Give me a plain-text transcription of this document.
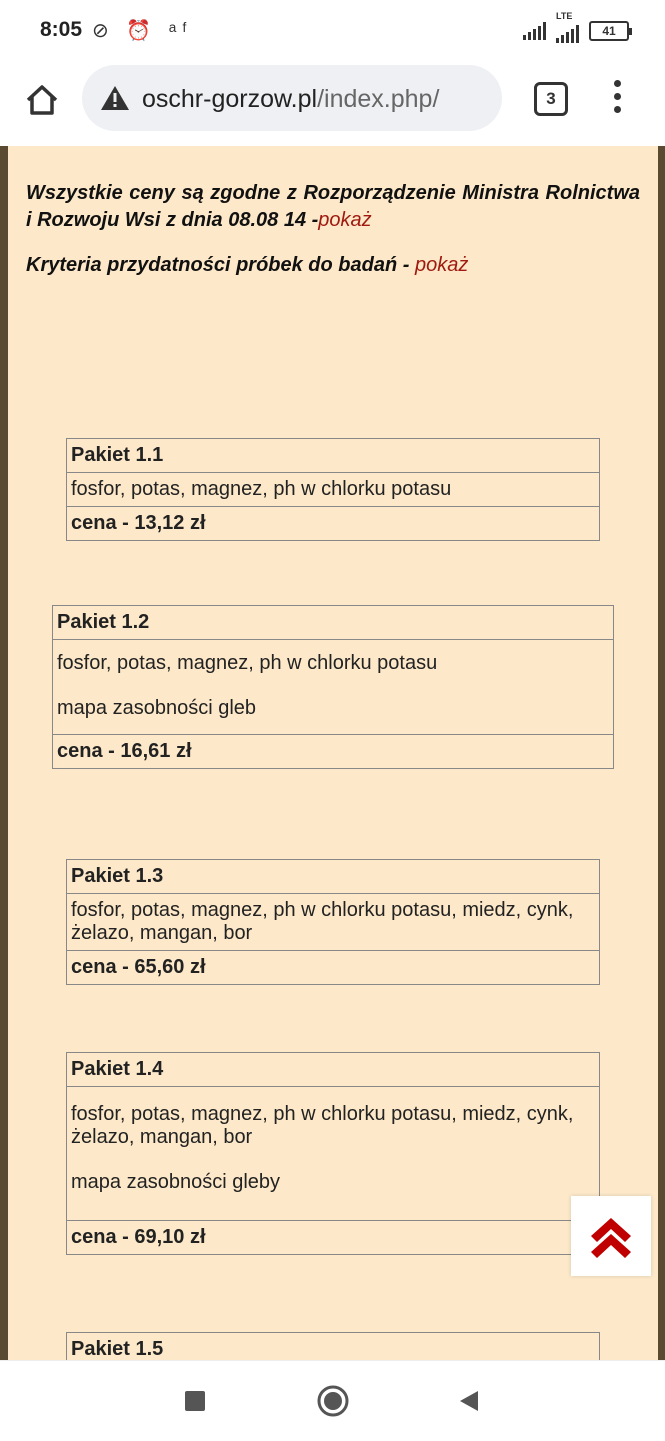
8:05 ⊘ ⏰ ᵃᶠ
LTE
41
oschr-gorzow.pl/index.php/	3
Wszystkie ceny są zgodne z Rozporządzenie Ministra Rolnictwa i Rozwoju Wsi z dnia 08.08 14 -pokaż
Kryteria przydatności próbek do badań - pokaż
Pakiet 1.1
fosfor, potas, magnez, ph w chlorku potasu
cena - 13,12 zł
Pakiet 1.2

fosfor, potas, magnez, ph w chlorku potasu
mapa zasobności gleb

cena - 16,61 zł
Pakiet 1.3
fosfor, potas, magnez, ph w chlorku potasu, miedz, cynk, żelazo, mangan, bor
cena - 65,60 zł
Pakiet 1.4

fosfor, potas, magnez, ph w chlorku potasu, miedz, cynk, żelazo, mangan, bor
mapa zasobności gleby

cena - 69,10 zł
Pakiet 1.5
